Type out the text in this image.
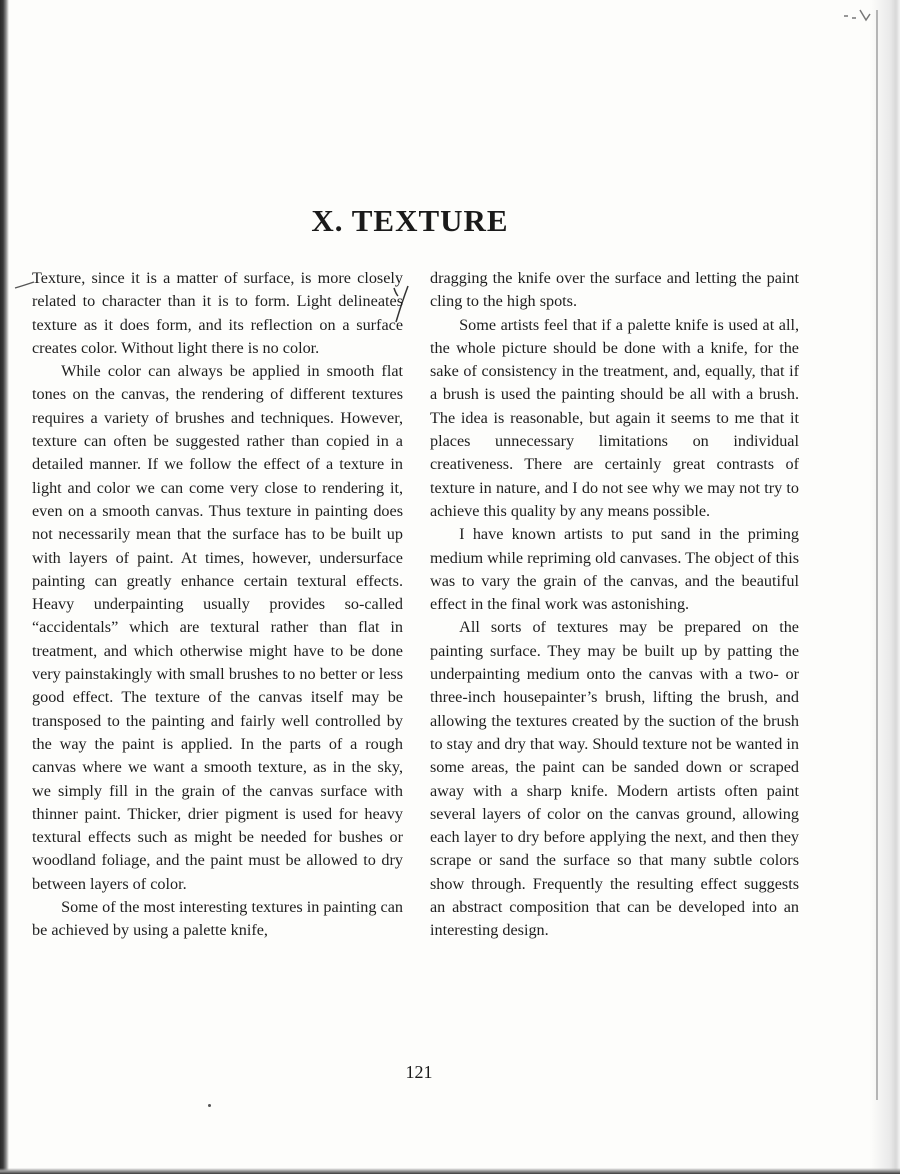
X. TEXTURE

Texture, since it is a matter of surface, is more closely related to character than it is to form. Light delineates texture as it does form, and its reflection on a surface creates color. Without light there is no color.

While color can always be applied in smooth flat tones on the canvas, the rendering of different textures requires a variety of brushes and techniques. However, texture can often be suggested rather than copied in a detailed manner. If we follow the effect of a texture in light and color we can come very close to rendering it, even on a smooth canvas. Thus texture in painting does not necessarily mean that the surface has to be built up with layers of paint. At times, however, undersurface painting can greatly enhance certain textural effects. Heavy underpainting usually provides so-called “accidentals” which are textural rather than flat in treatment, and which otherwise might have to be done very painstakingly with small brushes to no better or less good effect. The texture of the canvas itself may be transposed to the painting and fairly well controlled by the way the paint is applied. In the parts of a rough canvas where we want a smooth texture, as in the sky, we simply fill in the grain of the canvas surface with thinner paint. Thicker, drier pigment is used for heavy textural effects such as might be needed for bushes or woodland foliage, and the paint must be allowed to dry between layers of color.

Some of the most interesting textures in painting can be achieved by using a palette knife,

dragging the knife over the surface and letting the paint cling to the high spots.

Some artists feel that if a palette knife is used at all, the whole picture should be done with a knife, for the sake of consistency in the treatment, and, equally, that if a brush is used the painting should be all with a brush. The idea is reasonable, but again it seems to me that it places unnecessary limitations on individual creativeness. There are certainly great contrasts of texture in nature, and I do not see why we may not try to achieve this quality by any means possible.

I have known artists to put sand in the priming medium while repriming old canvases. The object of this was to vary the grain of the canvas, and the beautiful effect in the final work was astonishing.

All sorts of textures may be prepared on the painting surface. They may be built up by patting the underpainting medium onto the canvas with a two- or three-inch housepainter’s brush, lifting the brush, and allowing the textures created by the suction of the brush to stay and dry that way. Should texture not be wanted in some areas, the paint can be sanded down or scraped away with a sharp knife. Modern artists often paint several layers of color on the canvas ground, allowing each layer to dry before applying the next, and then they scrape or sand the surface so that many subtle colors show through. Frequently the resulting effect suggests an abstract composition that can be developed into an interesting design.

121
